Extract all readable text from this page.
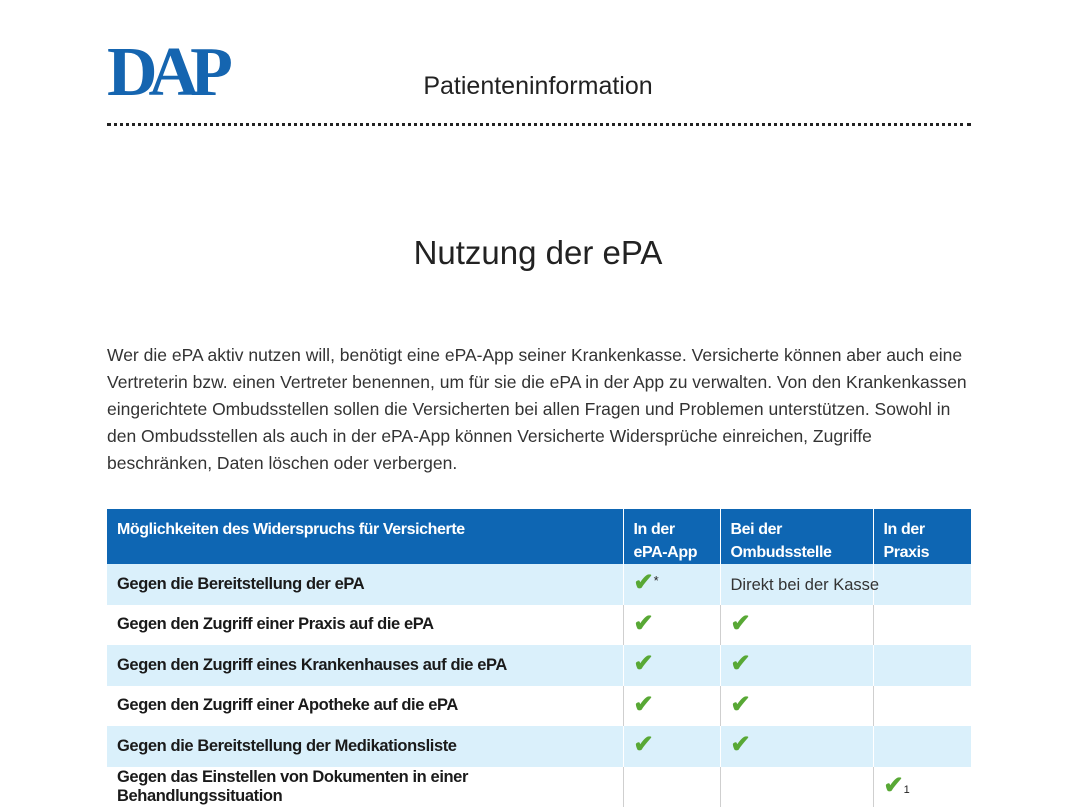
DAP	Patienteninformation
Nutzung der ePA
Wer die ePA aktiv nutzen will, benötigt eine ePA-App seiner Krankenkasse. Versicherte können aber auch eine Vertreterin bzw. einen Vertreter benennen, um für sie die ePA in der App zu verwalten. Von den Krankenkassen eingerichtete Ombudsstellen sollen die Versicherten bei allen Fragen und Problemen unterstützen. Sowohl in den Ombudsstellen als auch in der ePA-App können Versicherte Widersprüche einreichen, Zugriffe beschränken, Daten löschen oder verbergen.
Möglichkeiten des Widerspruchs für Versicherte	In der ePA-App	Bei der Ombudsstelle	In der Praxis

Gegen die Bereitstellung der ePA	✔*	Direkt bei der Kasse	
Gegen den Zugriff einer Praxis auf die ePA	✔	✔	
Gegen den Zugriff eines Krankenhauses auf die ePA	✔	✔	
Gegen den Zugriff einer Apotheke auf die ePA	✔	✔	
Gegen die Bereitstellung der Medikationsliste	✔	✔	
Gegen das Einstellen von Dokumenten in einer Behandlungssituation			✔1
